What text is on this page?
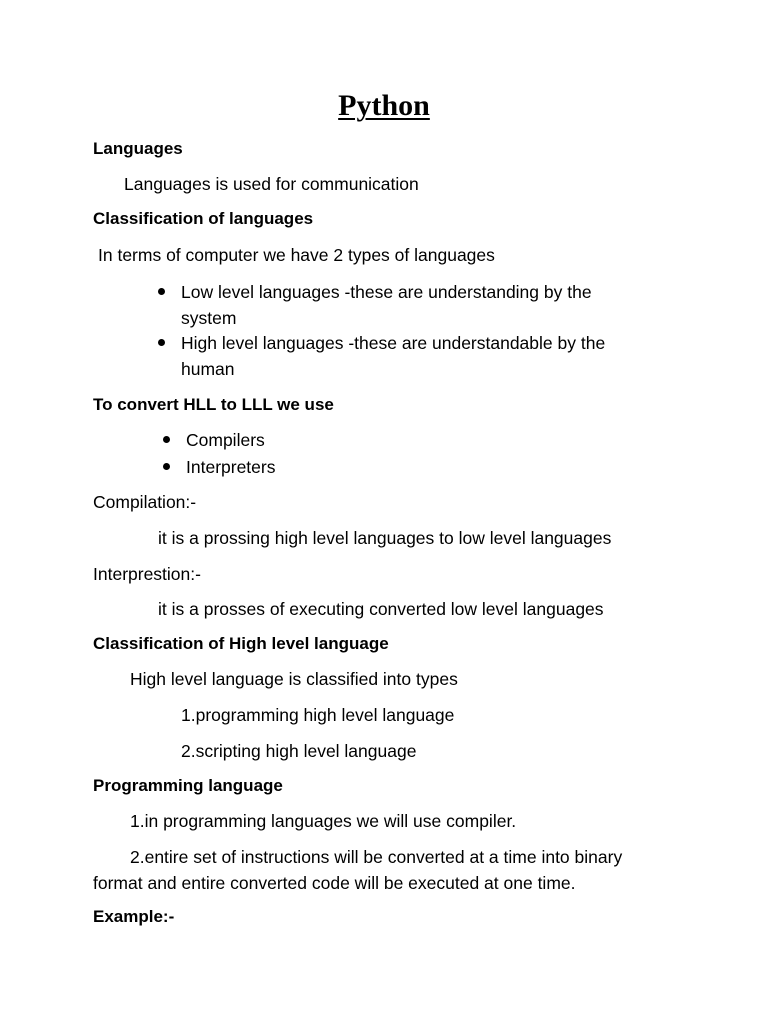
Python
Languages
Languages is used for communication
Classification of languages
In terms of computer we have 2 types of languages
Low level languages -these are understanding by the
system
High level languages -these are understandable by the
human
To convert HLL to LLL we use
Compilers
Interpreters
Compilation:-
it is a prossing high level languages to low level languages
Interprestion:-
it is a prosses of executing converted low level languages
Classification of High level language
High level language is classified into types
1.programming high level language
2.scripting high level language
Programming language
1.in programming languages we will use compiler.
2.entire set of instructions will be converted at a time into binary
format and entire converted code will be executed at one time.
Example:-
